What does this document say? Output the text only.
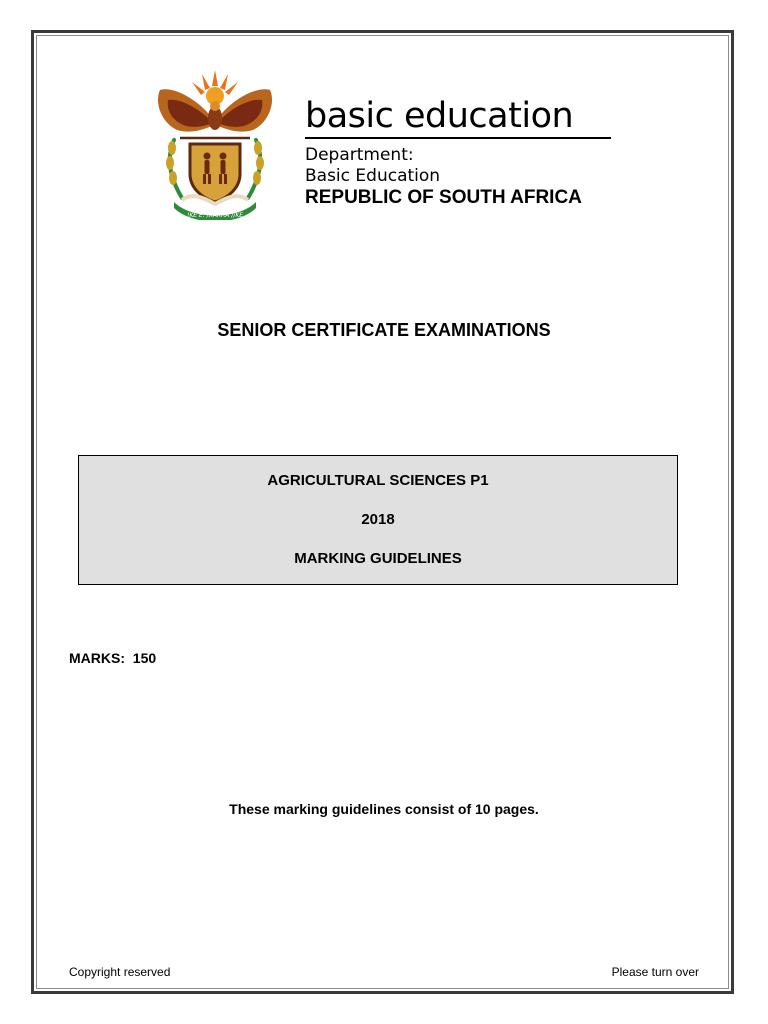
!KE E: /XARRA //KE
basic education
Department:
Basic Education
REPUBLIC OF SOUTH AFRICA
SENIOR CERTIFICATE EXAMINATIONS
AGRICULTURAL SCIENCES P1
2018
MARKING GUIDELINES
MARKS: 150
These marking guidelines consist of 10 pages.
Copyright reserved	Please turn over
